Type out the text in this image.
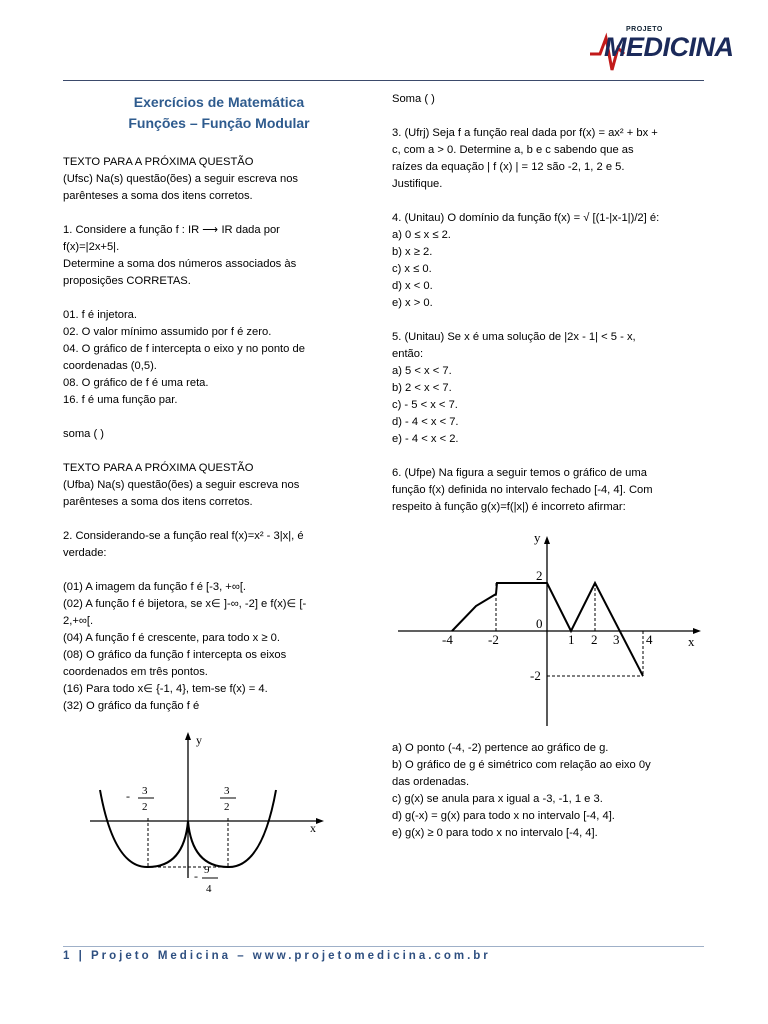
PROJETO
MEDICINA
Exercícios de Matemática
Funções – Função Modular

TEXTO PARA A PRÓXIMA QUESTÃO

(Ufsc) Na(s) questão(ões) a seguir escreva nos

parênteses a soma dos itens corretos.

1. Considere a função f : IR ⟶ IR dada por

f(x)=|2x+5|.

Determine a soma dos números associados às

proposições CORRETAS.

01. f é injetora.

02. O valor mínimo assumido por f é zero.

04. O gráfico de f intercepta o eixo y no ponto de

coordenadas (0,5).

08. O gráfico de f é uma reta.

16. f é uma função par.

soma ( )

TEXTO PARA A PRÓXIMA QUESTÃO

(Ufba) Na(s) questão(ões) a seguir escreva nos

parênteses a soma dos itens corretos.

2. Considerando-se a função real f(x)=x² - 3|x|, é

verdade:

(01) A imagem da função f é [-3, +∞[.

(02) A função f é bijetora, se x∈ ]-∞, -2] e f(x)∈ [-

2,+∞[.

(04) A função f é crescente, para todo x ≥ 0.

(08) O gráfico da função f intercepta os eixos

coordenados em três pontos.

(16) Para todo x∈ {-1, 4}, tem-se f(x) = 4.

(32) O gráfico da função f é

y
x
- 3
2
3
2
- 9
4

Soma ( )

3. (Ufrj) Seja f a função real dada por f(x) = ax² + bx +

c, com a > 0. Determine a, b e c sabendo que as

raízes da equação | f (x) | = 12 são -2, 1, 2 e 5.

Justifique.

4. (Unitau) O domínio da função f(x) = √ [(1-|x-1|)/2] é:

a) 0 ≤ x ≤ 2.

b) x ≥ 2.

c) x ≤ 0.

d) x < 0.

e) x > 0.

5. (Unitau) Se x é uma solução de |2x - 1| < 5 - x,

então:

a) 5 < x < 7.

b) 2 < x < 7.

c) - 5 < x < 7.

d) - 4 < x < 7.

e) - 4 < x < 2.

6. (Ufpe) Na figura a seguir temos o gráfico de uma

função f(x) definida no intervalo fechado [-4, 4]. Com

respeito à função g(x)=f(|x|) é incorreto afirmar:

a) O ponto (-4, -2) pertence ao gráfico de g.

b) O gráfico de g é simétrico com relação ao eixo 0y

das ordenadas.

c) g(x) se anula para x igual a -3, -1, 1 e 3.

d) g(-x) = g(x) para todo x no intervalo [-4, 4].

e) g(x) ≥ 0 para todo x no intervalo [-4, 4].

y
x
-4	-2
0
1 2 3 4
2
-2
1 | Projeto Medicina – www.projetomedicina.com.br
